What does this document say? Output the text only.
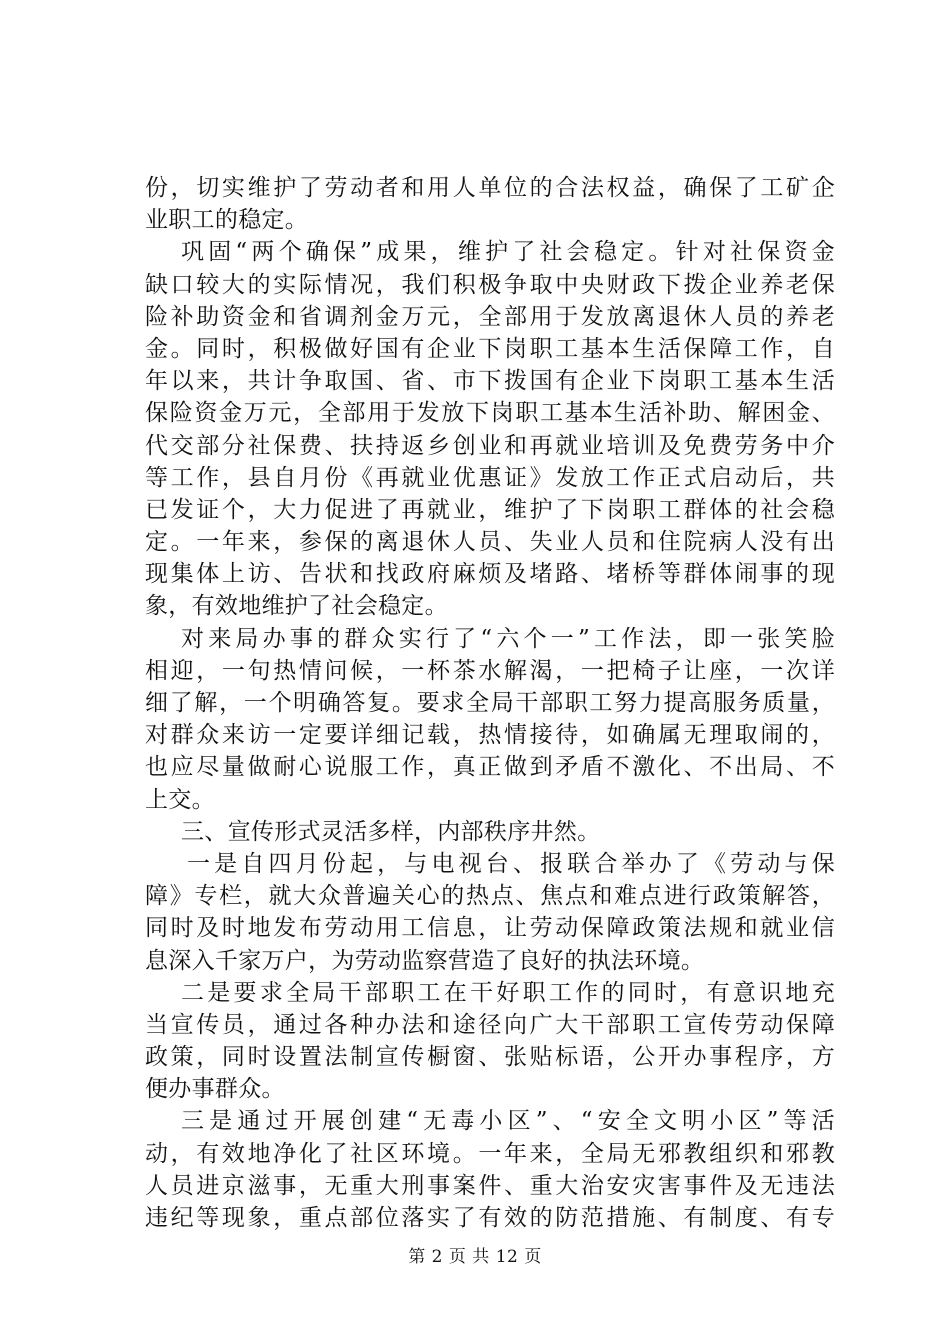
份，切实维护了劳动者和用人单位的合法权益，确保了工矿企
业职工的稳定。
巩固“两个确保”成果，维护了社会稳定。针对社保资金
缺口较大的实际情况，我们积极争取中央财政下拨企业养老保
险补助资金和省调剂金万元，全部用于发放离退休人员的养老
金。同时，积极做好国有企业下岗职工基本生活保障工作，自
年以来，共计争取国、省、市下拨国有企业下岗职工基本生活
保险资金万元，全部用于发放下岗职工基本生活补助、解困金、
代交部分社保费、扶持返乡创业和再就业培训及免费劳务中介
等工作，县自月份《再就业优惠证》发放工作正式启动后，共
已发证个，大力促进了再就业，维护了下岗职工群体的社会稳
定。一年来，参保的离退休人员、失业人员和住院病人没有出
现集体上访、告状和找政府麻烦及堵路、堵桥等群体闹事的现
象，有效地维护了社会稳定。
对来局办事的群众实行了“六个一”工作法，即一张笑脸
相迎，一句热情问候，一杯茶水解渴，一把椅子让座，一次详
细了解，一个明确答复。要求全局干部职工努力提高服务质量，
对群众来访一定要详细记载，热情接待，如确属无理取闹的，
也应尽量做耐心说服工作，真正做到矛盾不激化、不出局、不
上交。
三、宣传形式灵活多样，内部秩序井然。
一是自四月份起，与电视台、报联合举办了《劳动与保
障》专栏，就大众普遍关心的热点、焦点和难点进行政策解答，
同时及时地发布劳动用工信息，让劳动保障政策法规和就业信
息深入千家万户，为劳动监察营造了良好的执法环境。
二是要求全局干部职工在干好职工作的同时，有意识地充
当宣传员，通过各种办法和途径向广大干部职工宣传劳动保障
政策，同时设置法制宣传橱窗、张贴标语，公开办事程序，方
便办事群众。
三是通过开展创建“无毒小区”、“安全文明小区”等活
动，有效地净化了社区环境。一年来，全局无邪教组织和邪教
人员进京滋事，无重大刑事案件、重大治安灾害事件及无违法
违纪等现象，重点部位落实了有效的防范措施、有制度、有专
第 2 页 共 12 页
